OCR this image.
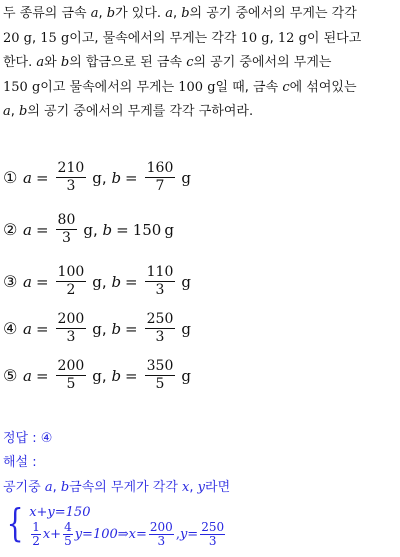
두 종류의 금속 a, b가 있다. a, b의 공기 중에서의 무게는 각각
20 g, 15 g이고, 물속에서의 무게는 각각 10 g, 12 g이 된다고
한다. a와 b의 합금으로 된 금속 c의 공기 중에서의 무게는
150 g이고 물속에서의 무게는 100 g일 때, 금속 c에 섞여있는
a, b의 공기 중에서의 무게를 각각 구하여라.
① $a = \frac{210}{3}$ g ,
$b = \frac{160}{7}$ g
② $a = \frac{80}{3}$ g ,
b = 150 g
③ $a = \frac{100}{2}$ g ,
$b = \frac{110}{3}$ g
④ $a = \frac{200}{3}$ g ,
$b = \frac{250}{3}$ g
⑤ $a = \frac{200}{5}$ g ,
$b = \frac{350}{5}$ g
정답 : ④
해설 :
공기중 a, b금속의 무게가 각각 x, y라면
{ x+y=150
$\frac{1}{2} x+ \frac{4}{5} y=100$ ⇒ $x= \frac{200}{3}$ , $y= \frac{250}{3}$
